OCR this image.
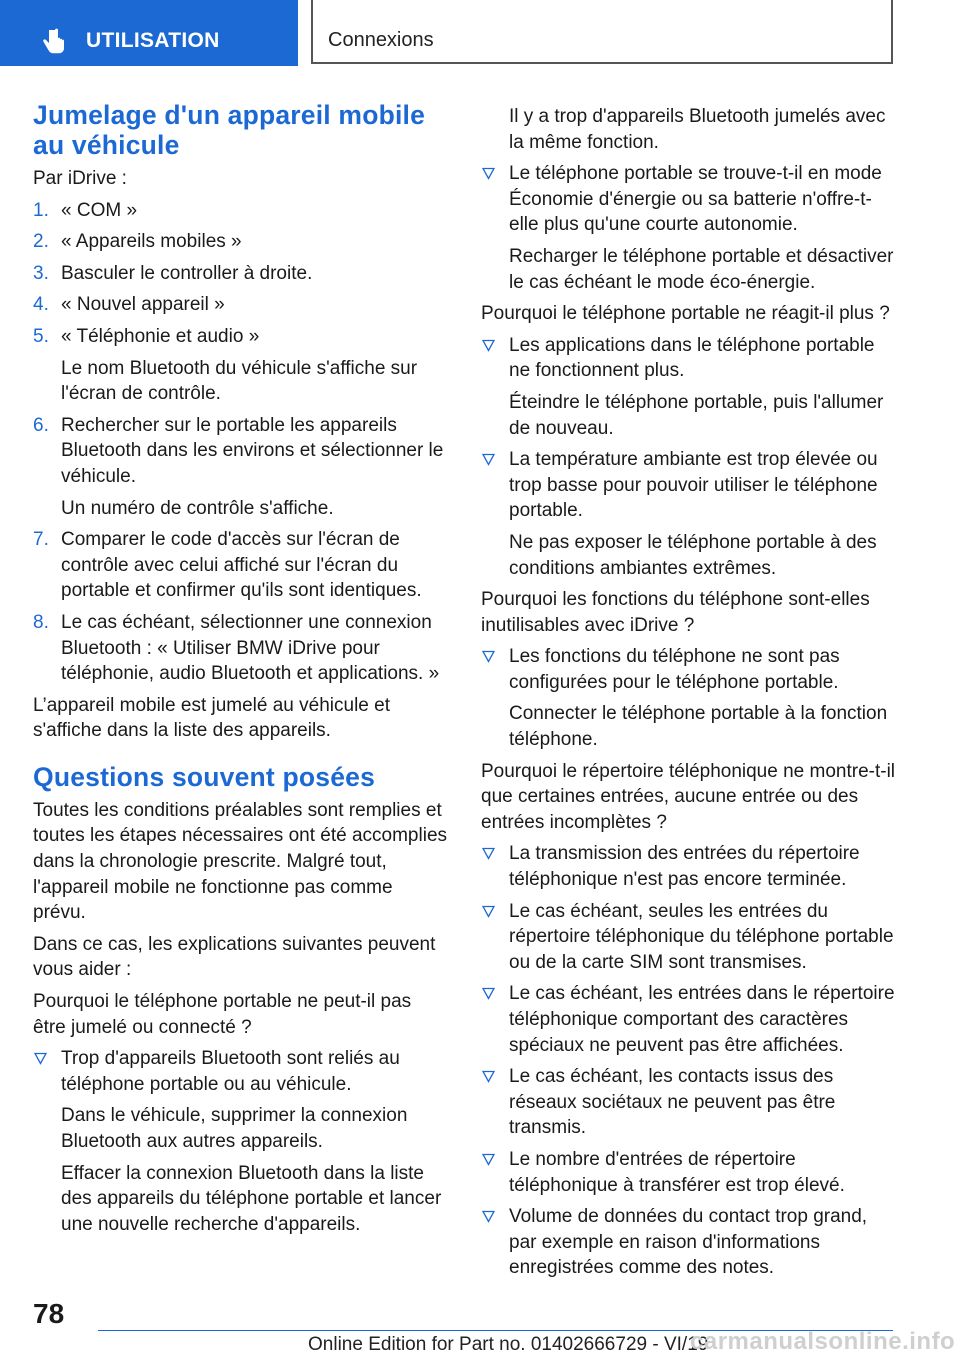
UTILISATION	Connexions
Jumelage d'un appareil mobile au véhicule

Par iDrive :

1. « COM »
2. « Appareils mobiles »
3. Basculer le controller à droite.
4. « Nouvel appareil »
5. « Téléphonie et audio »
Le nom Bluetooth du véhicule s'affiche sur l'écran de contrôle.
6. Rechercher sur le portable les appareils Bluetooth dans les environs et sélectionner le véhicule.
Un numéro de contrôle s'affiche.
7. Comparer le code d'accès sur l'écran de contrôle avec celui affiché sur l'écran du portable et confirmer qu'ils sont identiques.
8. Le cas échéant, sélectionner une connexion Bluetooth : « Utiliser BMW iDrive pour téléphonie, audio Bluetooth et applications. »

L’appareil mobile est jumelé au véhicule et s'affiche dans la liste des appareils.

Questions souvent posées

Toutes les conditions préalables sont remplies et toutes les étapes nécessaires ont été accomplies dans la chronologie prescrite. Malgré tout, l'appareil mobile ne fonctionne pas comme prévu.

Dans ce cas, les explications suivantes peuvent vous aider :

Pourquoi le téléphone portable ne peut-il pas être jumelé ou connecté ?

Trop d'appareils Bluetooth sont reliés au téléphone portable ou au véhicule.
Dans le véhicule, supprimer la connexion Bluetooth aux autres appareils.
Effacer la connexion Bluetooth dans la liste des appareils du téléphone portable et lancer une nouvelle recherche d'appareils.
Il y a trop d'appareils Bluetooth jumelés avec la même fonction.
Le téléphone portable se trouve-t-il en mode Économie d'énergie ou sa batterie n'offre-t-elle plus qu'une courte autonomie.
Recharger le téléphone portable et désactiver le cas échéant le mode éco-énergie.

Pourquoi le téléphone portable ne réagit-il plus ?

Les applications dans le téléphone portable ne fonctionnent plus.
Éteindre le téléphone portable, puis l'allumer de nouveau.
La température ambiante est trop élevée ou trop basse pour pouvoir utiliser le téléphone portable.
Ne pas exposer le téléphone portable à des conditions ambiantes extrêmes.

Pourquoi les fonctions du téléphone sont-elles inutilisables avec iDrive ?

Les fonctions du téléphone ne sont pas configurées pour le téléphone portable.
Connecter le téléphone portable à la fonction téléphone.

Pourquoi le répertoire téléphonique ne montre-t-il que certaines entrées, aucune entrée ou des entrées incomplètes ?

La transmission des entrées du répertoire téléphonique n'est pas encore terminée.
Le cas échéant, seules les entrées du répertoire téléphonique du téléphone portable ou de la carte SIM sont transmises.
Le cas échéant, les entrées dans le répertoire téléphonique comportant des caractères spéciaux ne peuvent pas être affichées.
Le cas échéant, les contacts issus des réseaux sociétaux ne peuvent pas être transmis.
Le nombre d'entrées de répertoire téléphonique à transférer est trop élevé.
Volume de données du contact trop grand, par exemple en raison d'informations enregistrées comme des notes.
78
Online Edition for Part no. 01402666729 - VI/19
carmanualsonline.info
